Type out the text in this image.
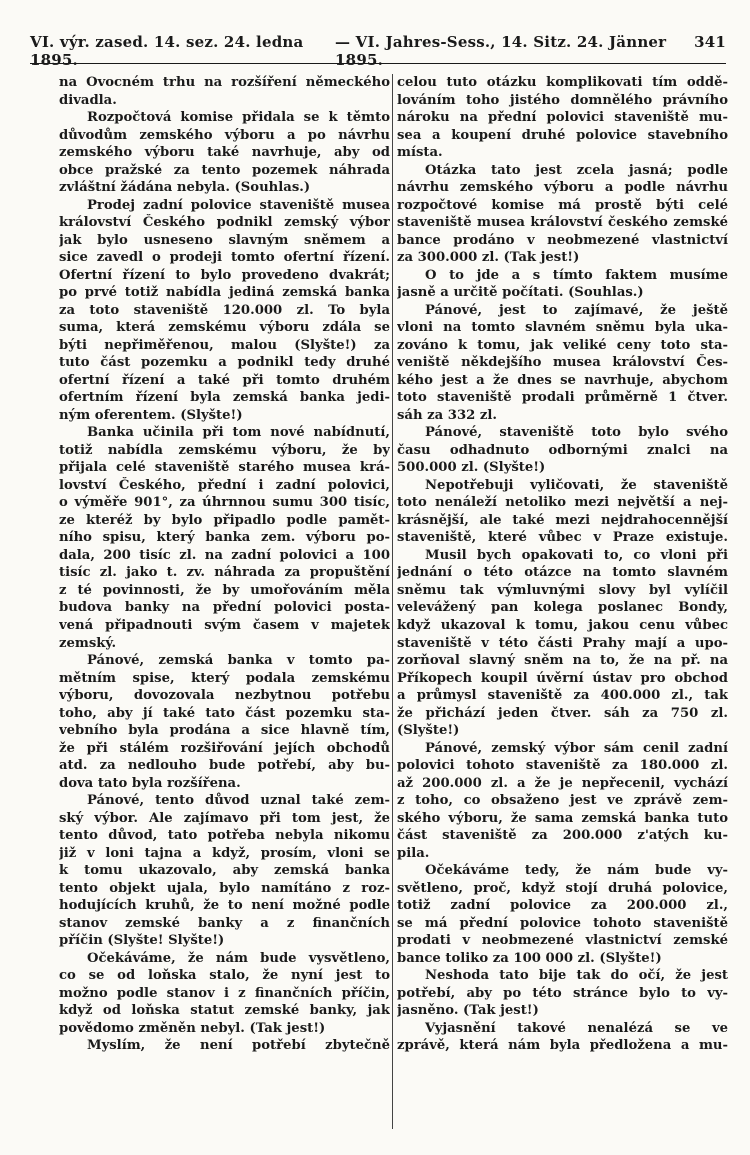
VI. výr. zased. 14. sez. 24. ledna 1895.
— VI. Jahres-Sess., 14. Sitz. 24. Jänner 1895.
341
na Ovocném trhu na rozšíření německého
divadla.
Rozpočtová komise přidala se k těmto
důvodům zemského výboru a po návrhu
zemského výboru také navrhuje, aby od
obce pražské za tento pozemek náhrada
zvláštní žádána nebyla. (Souhlas.)
Prodej zadní polovice staveniště musea
království Českého podnikl zemský výbor
jak bylo usneseno slavným sněmem a
sice zavedl o prodeji tomto ofertní řízení.
Ofertní řízení to bylo provedeno dvakrát;
po prvé totiž nabídla jediná zemská banka
za toto staveniště 120.000 zl. To byla
suma, která zemskému výboru zdála se
býti nepřiměřenou, malou (Slyšte!) za
tuto část pozemku a podnikl tedy druhé
ofertní řízení a také při tomto druhém
ofertním řízení byla zemská banka jedi-
ným oferentem. (Slyšte!)
Banka učinila při tom nové nabídnutí,
totiž nabídla zemskému výboru, že by
přijala celé staveniště starého musea krá-
lovství Českého, přední i zadní polovici,
o výměře 901°, za úhrnnou sumu 300 tisíc,
ze kteréž by bylo připadlo podle pamět-
ního spisu, který banka zem. výboru po-
dala, 200 tisíc zl. na zadní polovici a 100
tisíc zl. jako t. zv. náhrada za propuštění
z té povinnosti, že by umořováním měla
budova banky na přední polovici posta-
vená připadnouti svým časem v majetek
zemský.
Pánové, zemská banka v tomto pa-
mětním spise, který podala zemskému
výboru, dovozovala nezbytnou potřebu
toho, aby jí také tato část pozemku sta-
vebního byla prodána a sice hlavně tím,
že při stálém rozšiřování jejích obchodů
atd. za nedlouho bude potřebí, aby bu-
dova tato byla rozšířena.
Pánové, tento důvod uznal také zem-
ský výbor. Ale zajímavo při tom jest, že
tento důvod, tato potřeba nebyla nikomu
již v loni tajna a když, prosím, vloni se
k tomu ukazovalo, aby zemská banka
tento objekt ujala, bylo namítáno z roz-
hodujících kruhů, že to není možné podle
stanov zemské banky a z finančních
příčin (Slyšte! Slyšte!)
Očekáváme, že nám bude vysvětleno,
co se od loňska stalo, že nyní jest to
možno podle stanov i z finančních příčin,
když od loňska statut zemské banky, jak
povědomo změněn nebyl. (Tak jest!)
Myslím, že není potřebí zbytečně
celou tuto otázku komplikovati tím oddě-
lováním toho jistého domnělého právního
nároku na přední polovici staveniště mu-
sea a koupení druhé polovice stavebního
místa.
Otázka tato jest zcela jasná; podle
návrhu zemského výboru a podle návrhu
rozpočtové komise má prostě býti celé
staveniště musea království českého zemské
bance prodáno v neobmezené vlastnictví
za 300.000 zl. (Tak jest!)
O to jde a s tímto faktem musíme
jasně a určitě počítati. (Souhlas.)
Pánové, jest to zajímavé, že ještě
vloni na tomto slavném sněmu byla uka-
zováno k tomu, jak veliké ceny toto sta-
veniště někdejšího musea království Čes-
kého jest a že dnes se navrhuje, abychom
toto staveniště prodali průměrně 1 čtver.
sáh za 332 zl.
Pánové, staveniště toto bylo svého
času odhadnuto odbornými znalci na
500.000 zl. (Slyšte!)
Nepotřebuji vyličovati, že staveniště
toto nenáleží netoliko mezi největší a nej-
krásnější, ale také mezi nejdrahocennější
staveniště, které vůbec v Praze existuje.
Musil bych opakovati to, co vloni při
jednání o této otázce na tomto slavném
sněmu tak výmluvnými slovy byl vylíčil
velevážený pan kolega poslanec Bondy,
když ukazoval k tomu, jakou cenu vůbec
staveniště v této části Prahy mají a upo-
zorňoval slavný sněm na to, že na př. na
Příkopech koupil úvěrní ústav pro obchod
a průmysl staveniště za 400.000 zl., tak
že přichází jeden čtver. sáh za 750 zl.
(Slyšte!)
Pánové, zemský výbor sám cenil zadní
polovici tohoto staveniště za 180.000 zl.
až 200.000 zl. a že je nepřecenil, vychází
z toho, co obsaženo jest ve zprávě zem-
ského výboru, že sama zemská banka tuto
část staveniště za 200.000 z'atých ku-
pila.
Očekáváme tedy, že nám bude vy-
světleno, proč, když stojí druhá polovice,
totiž zadní polovice za 200.000 zl.,
se má přední polovice tohoto staveniště
prodati v neobmezené vlastnictví zemské
bance toliko za 100 000 zl. (Slyšte!)
Neshoda tato bije tak do očí, že jest
potřebí, aby po této stránce bylo to vy-
jasněno. (Tak jest!)
Vyjasnění takové nenalézá se ve
zprávě, která nám byla předložena a mu-
